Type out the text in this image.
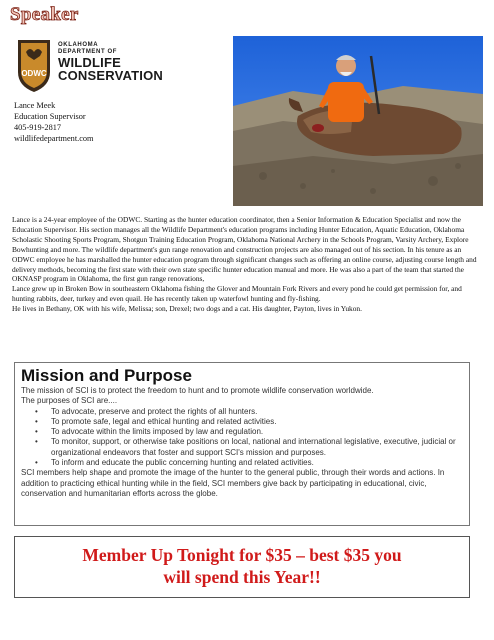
Speaker
ODWC
OKLAHOMA
DEPARTMENT OF
WILDLIFE
CONSERVATION
Lance Meek
Education Supervisor
405-919-2817
wildlifedepartment.com

Lance is a 24-year employee of the ODWC. Starting as the hunter education coordinator, then a Senior Information & Education Specialist and now the Education Supervisor. His section manages all the Wildlife Department's education programs including Hunter Education, Aquatic Education, Oklahoma Scholastic Shooting Sports Program, Shotgun Training Education Program, Oklahoma National Archery in the Schools Program, Varsity Archery, Explore Bowhunting and more. The wildlife department's gun range renovation and construction projects are also managed out of his section. In his tenure as an ODWC employee he has marshalled the hunter education program through significant changes such as offering an online course, adjusting course length and delivery methods, becoming the first state with their own state specific hunter education manual and more. He was also a part of the team that started the OKNASP program in Oklahoma, the first gun range renovations,

Lance grew up in Broken Bow in southeastern Oklahoma fishing the Glover and Mountain Fork Rivers and every pond he could get permission for, and hunting rabbits, deer, turkey and even quail. He has recently taken up waterfowl hunting and fly-fishing.

He lives in Bethany, OK with his wife, Melissa; son, Drexel; two dogs and a cat. His daughter, Payton, lives in Yukon.

Mission and Purpose
The mission of SCI is to protect the freedom to hunt and to promote wildlife conservation worldwide.
The purposes of SCI are....
• To advocate, preserve and protect the rights of all hunters.
• To promote safe, legal and ethical hunting and related activities.
• To advocate within the limits imposed by law and regulation.
• To monitor, support, or otherwise take positions on local, national and international legislative, executive, judicial or organizational endeavors that foster and support SCI's mission and purposes.
• To inform and educate the public concerning hunting and related activities.
SCI members help shape and promote the image of the hunter to the general public, through their words and actions. In addition to practicing ethical hunting while in the field, SCI members give back by participating in educational, civic, conservation and humanitarian efforts across the globe.
Member Up Tonight for $35 – best $35 you
will spend this Year!!
